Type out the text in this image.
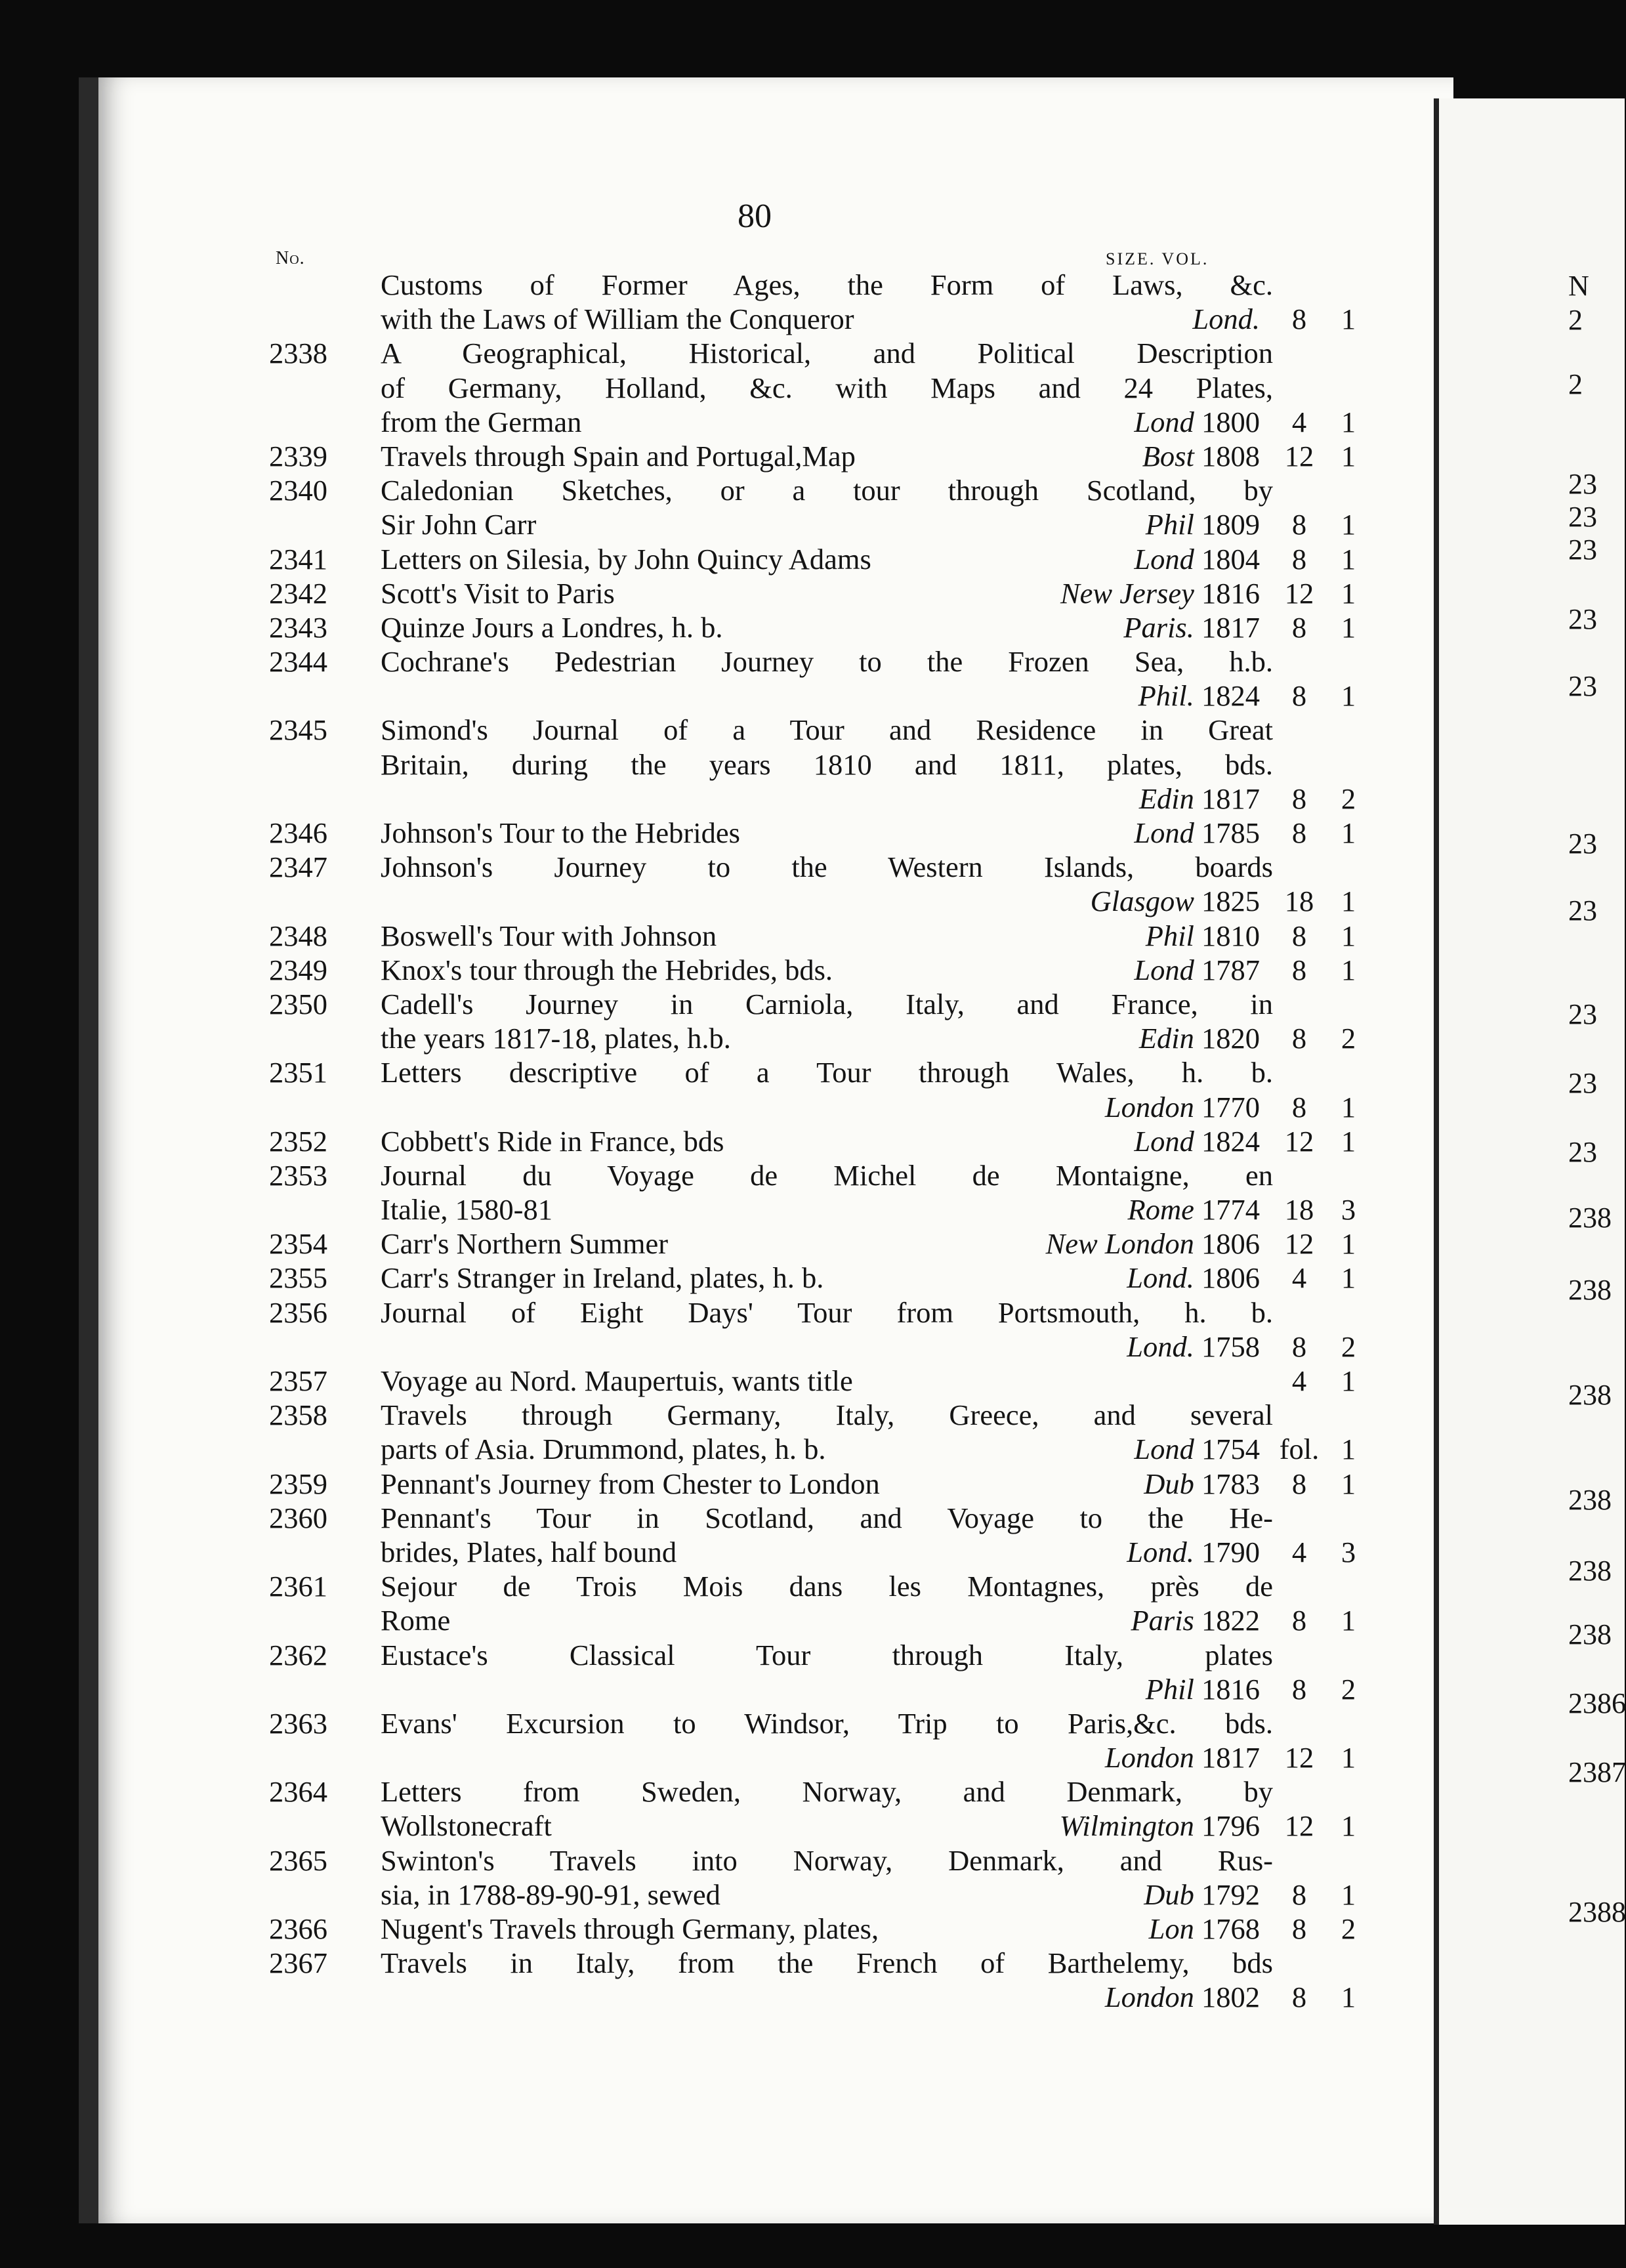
N
2
2
23
23
23
23
23
23
23
23
23
23
238
238
238
238
238
238
2386
2387
2388
80
No.	SIZE. VOL.
Customs of Former Ages, the Form of Laws, &c.
with the Laws of William the Conqueror	Lond.	8	1
2338	A Geographical, Historical, and Political Description
of Germany, Holland, &c. with Maps and 24 Plates,
from the German	Lond 1800	4	1
2339	Travels through Spain and Portugal,Map	Bost 1808 12 1
2340	Caledonian Sketches, or a tour through Scotland, by
Sir John Carr	Phil 1809	8	1
2341	Letters on Silesia, by John Quincy Adams	Lond 1804	8	1
2342	Scott's Visit to Paris	New Jersey 1816 12 1
2343	Quinze Jours a Londres, h. b.	Paris. 1817	8	1
2344	Cochrane's Pedestrian Journey to the Frozen Sea, h.b.
Phil. 1824	8	1
2345	Simond's Journal of a Tour and Residence in Great
Britain, during the years 1810 and 1811, plates, bds.
Edin 1817	8	2
2346	Johnson's Tour to the Hebrides	Lond 1785	8	1
2347	Johnson's Journey to the Western Islands, boards
Glasgow 1825 18 1
2348	Boswell's Tour with Johnson	Phil 1810	8	1
2349	Knox's tour through the Hebrides, bds.	Lond 1787	8	1
2350	Cadell's Journey in Carniola, Italy, and France, in
the years 1817-18, plates, h.b.	Edin 1820	8	2
2351	Letters descriptive of a Tour through Wales, h. b.
London 1770	8	1
2352	Cobbett's Ride in France, bds	Lond 1824 12 1
2353	Journal du Voyage de Michel de Montaigne, en
Italie, 1580-81	Rome 1774 18 3
2354	Carr's Northern Summer	New London 1806 12 1
2355	Carr's Stranger in Ireland, plates, h. b.	Lond. 1806	4	1
2356	Journal of Eight Days' Tour from Portsmouth, h. b.
Lond. 1758	8	2
2357	Voyage au Nord. Maupertuis, wants title	4	1
2358	Travels through Germany, Italy, Greece, and several
parts of Asia. Drummond, plates, h. b.	Lond 1754 fol. 1
2359	Pennant's Journey from Chester to London	Dub 1783	8	1
2360	Pennant's Tour in Scotland, and Voyage to the He-
brides, Plates, half bound	Lond. 1790	4	3
2361	Sejour de Trois Mois dans les Montagnes, près de
Rome	Paris 1822	8	1
2362	Eustace's Classical Tour through Italy, plates
Phil 1816	8	2
2363	Evans' Excursion to Windsor, Trip to Paris,&c. bds.
London 1817 12 1
2364	Letters from Sweden, Norway, and Denmark, by
Wollstonecraft	Wilmington 1796 12 1
2365	Swinton's Travels into Norway, Denmark, and Rus-
sia, in 1788-89-90-91, sewed	Dub 1792	8	1
2366	Nugent's Travels through Germany, plates,	Lon 1768	8	2
2367	Travels in Italy, from the French of Barthelemy, bds
London 1802	8	1
